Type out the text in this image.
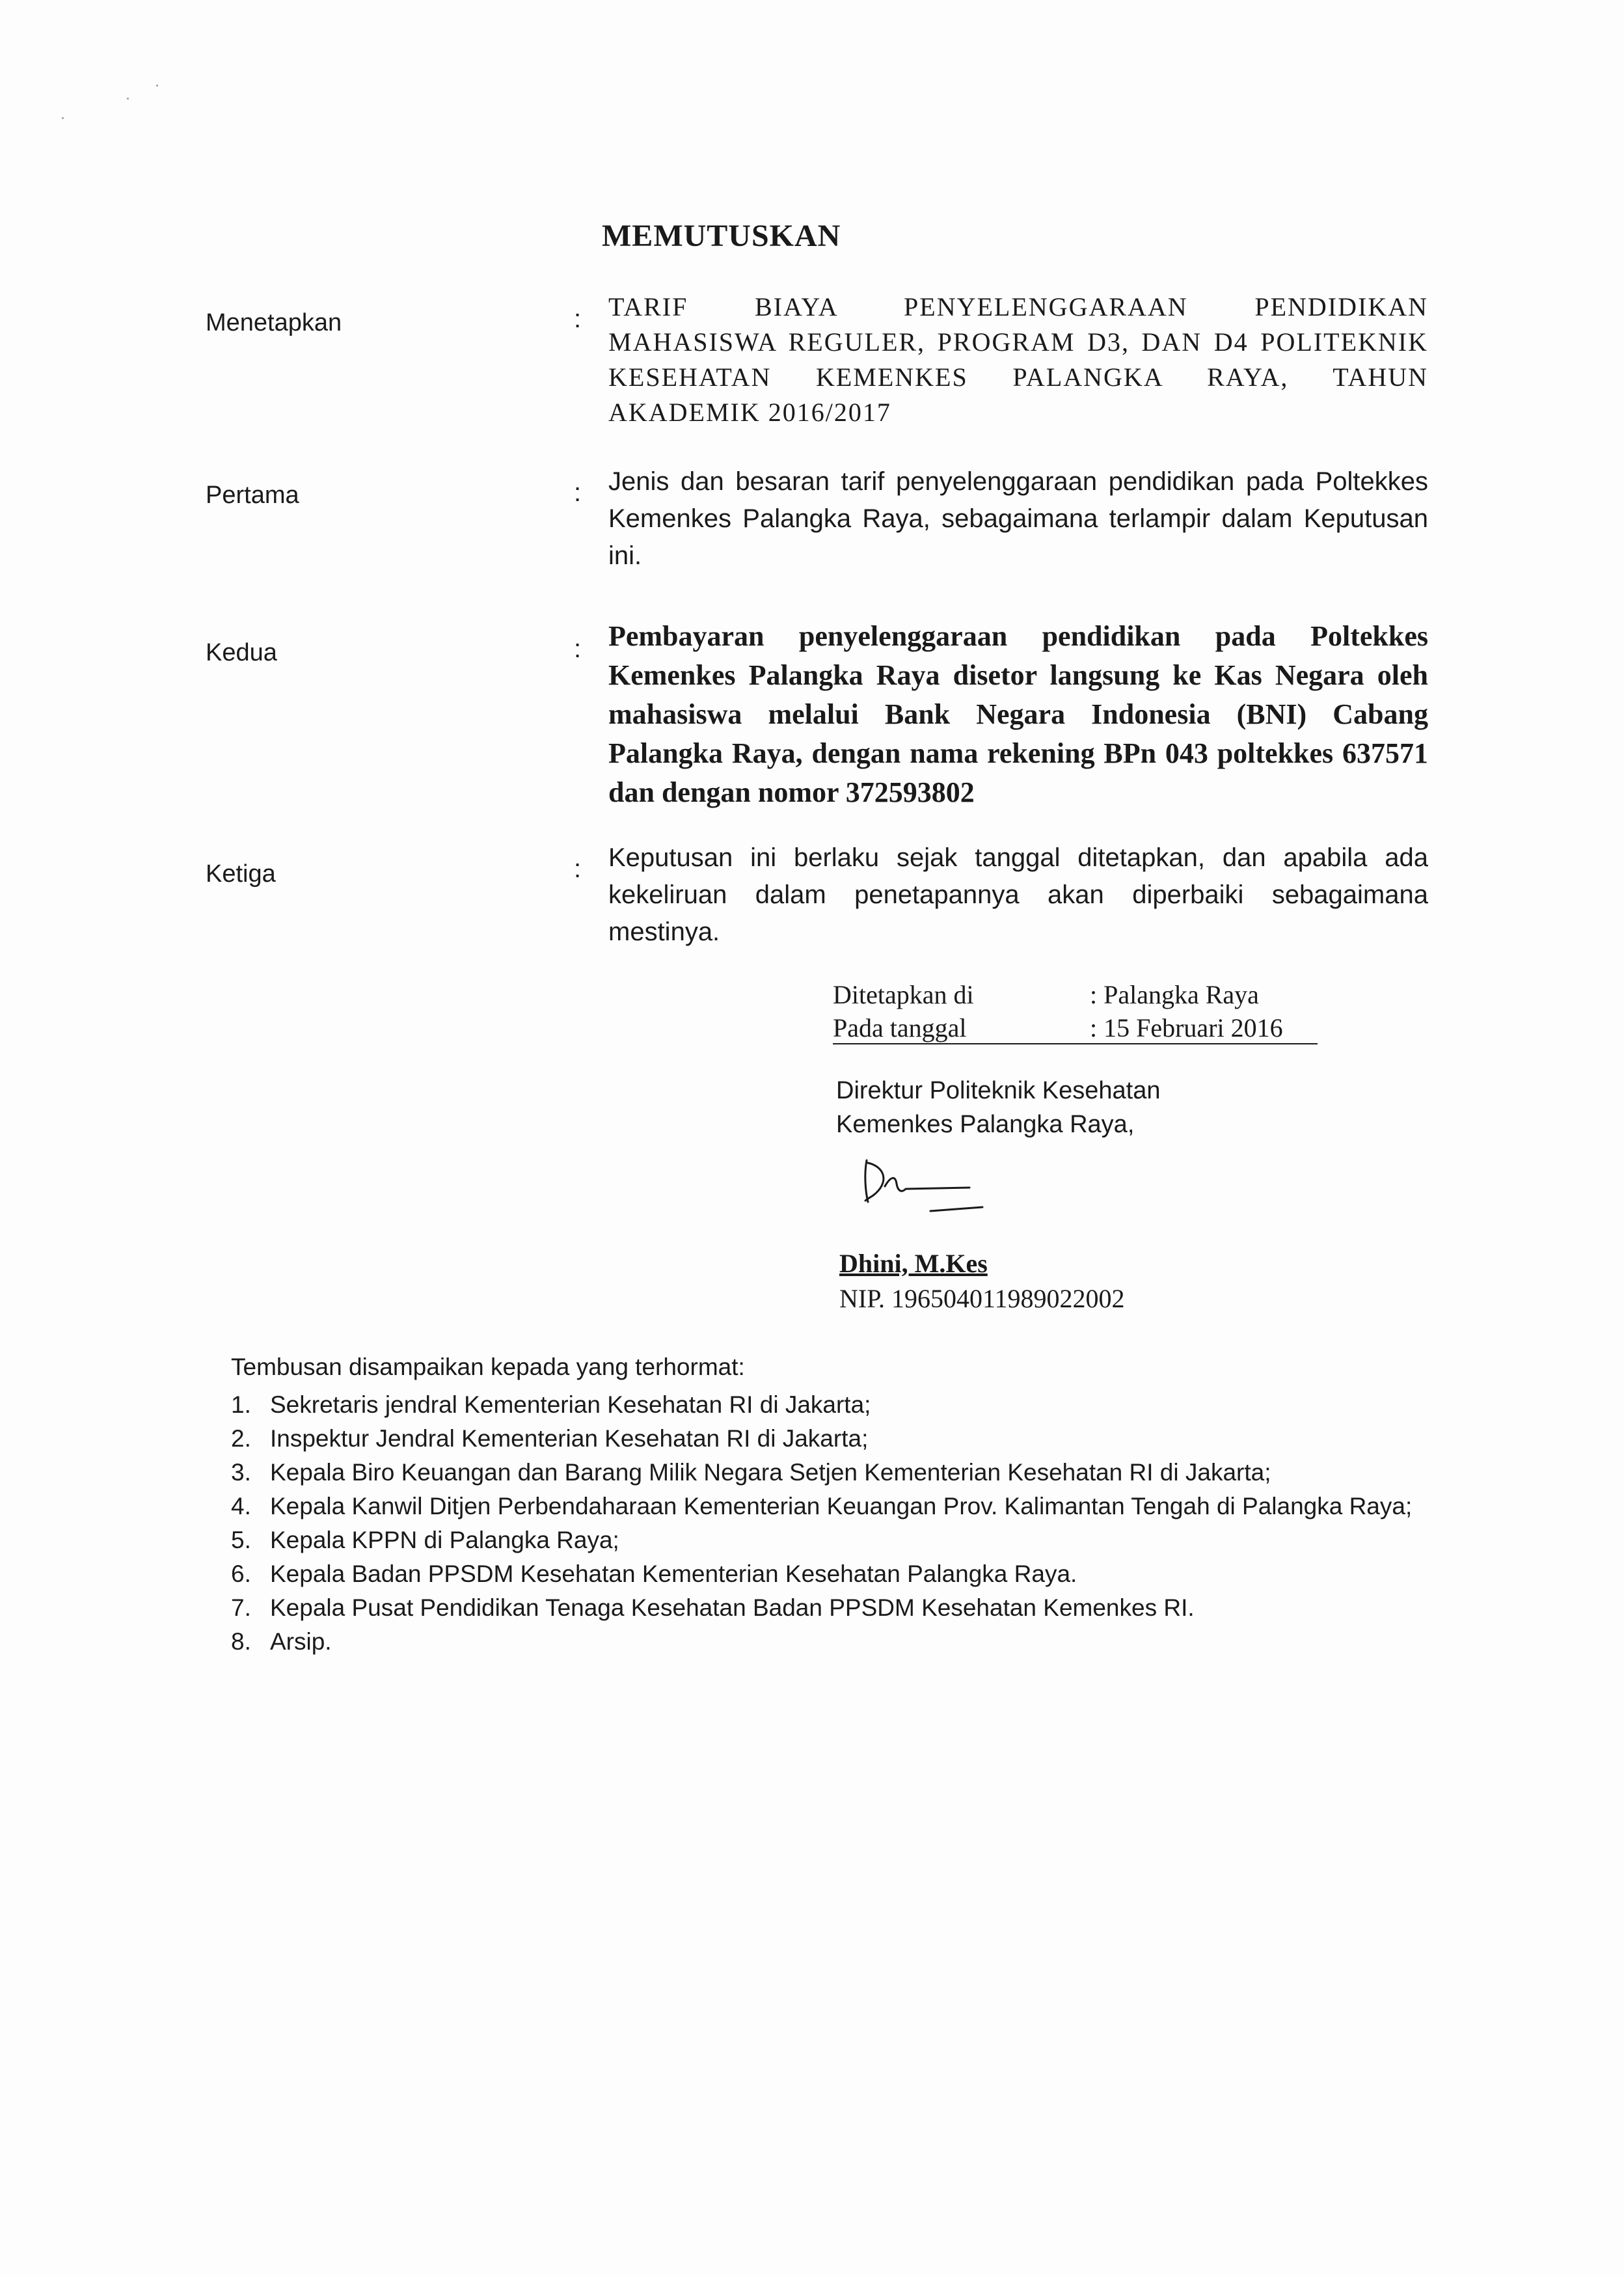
MEMUTUSKAN
Menetapkan	: TARIF BIAYA PENYELENGGARAAN PENDIDIKAN MAHASISWA REGULER, PROGRAM D3, DAN D4 POLITEKNIK KESEHATAN KEMENKES PALANGKA RAYA, TAHUN AKADEMIK 2016/2017
Pertama	: Jenis dan besaran tarif penyelenggaraan pendidikan pada Poltekkes Kemenkes Palangka Raya, sebagaimana terlampir dalam Keputusan ini.
Kedua	: Pembayaran penyelenggaraan pendidikan pada Poltekkes Kemenkes Palangka Raya disetor langsung ke Kas Negara oleh mahasiswa melalui Bank Negara Indonesia (BNI) Cabang Palangka Raya, dengan nama rekening BPn 043 poltekkes 637571 dan dengan nomor 372593802
Ketiga	: Keputusan ini berlaku sejak tanggal ditetapkan, dan apabila ada kekeliruan dalam penetapannya akan diperbaiki sebagaimana mestinya.
Ditetapkan di	: Palangka Raya
Pada tanggal	: 15 Februari 2016
Direktur Politeknik Kesehatan
Kemenkes Palangka Raya,
Dhini, M.Kes
NIP. 196504011989022002
Tembusan disampaikan kepada yang terhormat:
1. Sekretaris jendral Kementerian Kesehatan RI di Jakarta;
2. Inspektur Jendral Kementerian Kesehatan RI di Jakarta;
3. Kepala Biro Keuangan dan Barang Milik Negara Setjen Kementerian Kesehatan RI di Jakarta;
4. Kepala Kanwil Ditjen Perbendaharaan Kementerian Keuangan Prov. Kalimantan Tengah di Palangka Raya;
5. Kepala KPPN di Palangka Raya;
6. Kepala Badan PPSDM Kesehatan Kementerian Kesehatan Palangka Raya.
7. Kepala Pusat Pendidikan Tenaga Kesehatan Badan PPSDM Kesehatan Kemenkes RI.
8. Arsip.
